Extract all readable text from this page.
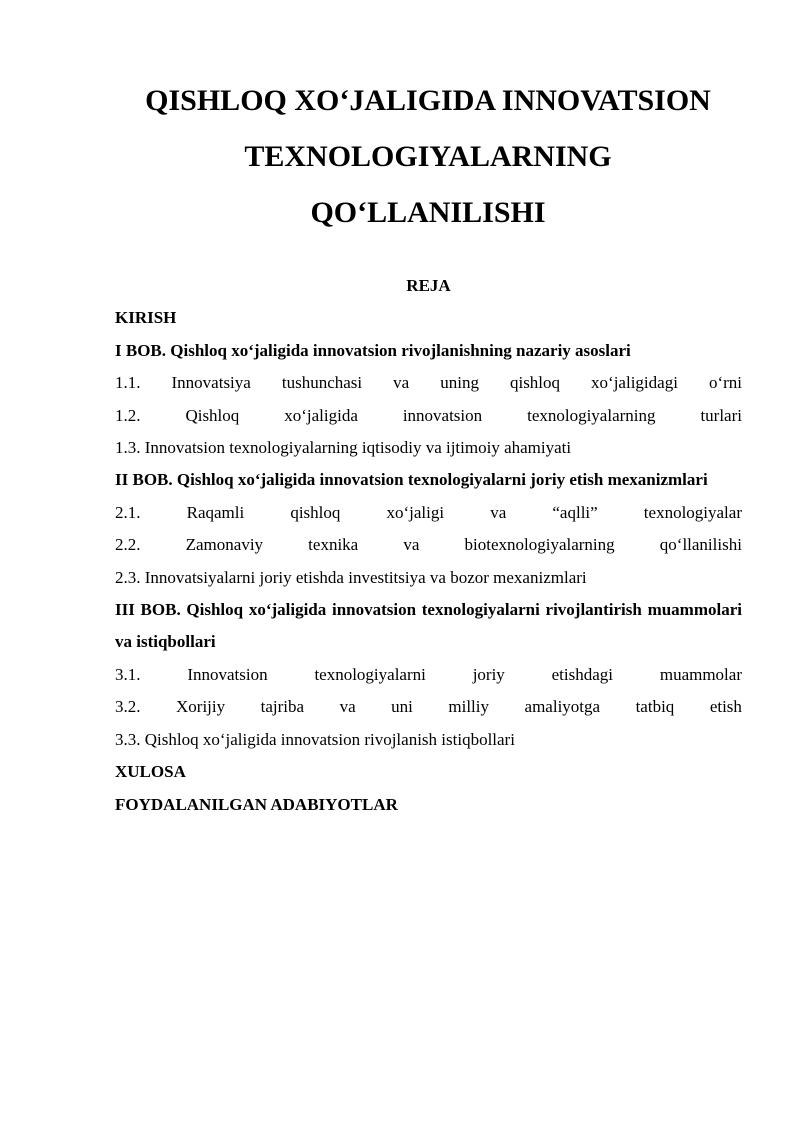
QISHLOQ XO‘JALIGIDA INNOVATSION
TEXNOLOGIYALARNING
QO‘LLANILISHI
REJA
KIRISH
I BOB. Qishloq xo‘jaligida innovatsion rivojlanishning nazariy asoslari
1.1. Innovatsiya tushunchasi va uning qishloq xo‘jaligidagi o‘rni
1.2.	Qishloq	xo‘jaligida	innovatsion	texnologiyalarning	turlari
1.3. Innovatsion texnologiyalarning iqtisodiy va ijtimoiy ahamiyati

II BOB. Qishloq xo‘jaligida innovatsion texnologiyalarni joriy etish mexanizmlari

2.1.	Raqamli	qishloq	xo‘jaligi	va	“aqlli”	texnologiyalar
2.2.	Zamonaviy	texnika	va	biotexnologiyalarning	qo‘llanilishi
2.3. Innovatsiyalarni joriy etishda investitsiya va bozor mexanizmlari

III BOB. Qishloq xo‘jaligida innovatsion texnologiyalarni rivojlantirish muammolari va istiqbollari

3.1.	Innovatsion	texnologiyalarni	joriy	etishdagi	muammolar
3.2. Xorijiy tajriba va uni milliy amaliyotga tatbiq etish
3.3. Qishloq xo‘jaligida innovatsion rivojlanish istiqbollari
XULOSA
FOYDALANILGAN ADABIYOTLAR
